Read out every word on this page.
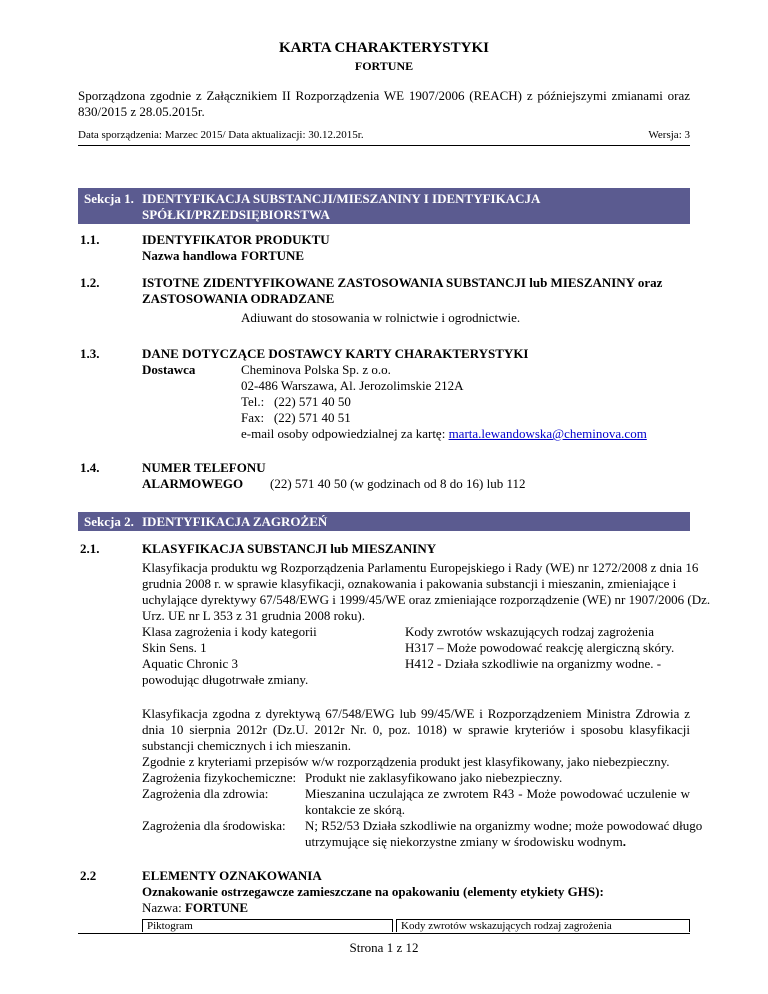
KARTA CHARAKTERYSTYKI
FORTUNE
Sporządzona zgodnie z Załącznikiem II Rozporządzenia WE 1907/2006 (REACH) z późniejszymi zmianami oraz 830/2015 z 28.05.2015r.
Data sporządzenia: Marzec 2015/ Data aktualizacji: 30.12.2015r.	Wersja: 3
Sekcja 1. IDENTYFIKACJA SUBSTANCJI/MIESZANINY I IDENTYFIKACJA SPÓŁKI/PRZEDSIĘBIORSTWA
1.1.	IDENTYFIKATOR PRODUKTU
Nazwa handlowa FORTUNE
1.2.	ISTOTNE ZIDENTYFIKOWANE ZASTOSOWANIA SUBSTANCJI lub MIESZANINY oraz
ZASTOSOWANIA ODRADZANE
Adiuwant do stosowania w rolnictwie i ogrodnictwie.
1.3.	DANE DOTYCZĄCE DOSTAWCY KARTY CHARAKTERYSTYKI
Dostawca	Cheminova Polska Sp. z o.o.
02-486 Warszawa, Al. Jerozolimskie 212A
Tel.:   (22) 571 40 50
Fax:   (22) 571 40 51
e-mail osoby odpowiedzialnej za kartę: marta.lewandowska@cheminova.com
1.4.	NUMER TELEFONU
ALARMOWEGO (22) 571 40 50 (w godzinach od 8 do 16) lub 112
Sekcja 2. IDENTYFIKACJA ZAGROŻEŃ
2.1.	KLASYFIKACJA SUBSTANCJI lub MIESZANINY
Klasyfikacja produktu wg Rozporządzenia Parlamentu Europejskiego i Rady (WE) nr 1272/2008 z dnia 16
grudnia 2008 r. w sprawie klasyfikacji, oznakowania i pakowania substancji i mieszanin, zmieniające i
uchylające dyrektywy 67/548/EWG i 1999/45/WE oraz zmieniające rozporządzenie (WE) nr 1907/2006 (Dz.
Urz. UE nr L 353 z 31 grudnia 2008 roku).
Klasa zagrożenia i kody kategorii	Kody zwrotów wskazujących rodzaj zagrożenia
Skin Sens. 1	H317 – Może powodować reakcję alergiczną skóry.
Aquatic Chronic 3	H412 - Działa szkodliwie na organizmy wodne. -
powodując długotrwałe zmiany.
Klasyfikacja zgodna z dyrektywą 67/548/EWG lub 99/45/WE i Rozporządzeniem Ministra Zdrowia z dnia 10 sierpnia 2012r (Dz.U. 2012r Nr. 0, poz. 1018) w sprawie kryteriów i sposobu klasyfikacji substancji chemicznych i ich mieszanin.
Zgodnie z kryteriami przepisów w/w rozporządzenia produkt jest klasyfikowany, jako niebezpieczny.
Zagrożenia fizykochemiczne: Produkt nie zaklasyfikowano jako niebezpieczny.
Zagrożenia dla zdrowia:	Mieszanina uczulająca ze zwrotem R43 - Może powodować uczulenie w
kontakcie ze skórą.
Zagrożenia dla środowiska: N; R52/53 Działa szkodliwie na organizmy wodne; może powodować długo
utrzymujące się niekorzystne zmiany w środowisku wodnym.
2.2	ELEMENTY OZNAKOWANIA
Oznakowanie ostrzegawcze zamieszczane na opakowaniu (elementy etykiety GHS):
Nazwa: FORTUNE
Strona 1 z 12
Piktogram	Kody zwrotów wskazujących rodzaj zagrożenia
